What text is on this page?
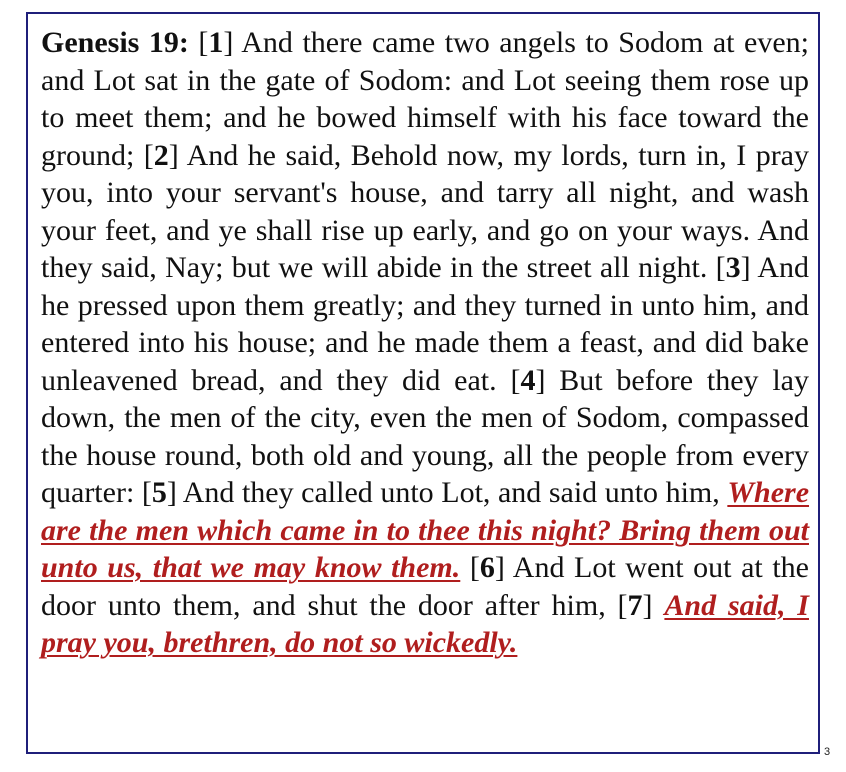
Genesis 19: [1] And there came two angels to Sodom at even; and Lot sat in the gate of Sodom: and Lot seeing them rose up to meet them; and he bowed himself with his face toward the ground; [2] And he said, Behold now, my lords, turn in, I pray you, into your servant's house, and tarry all night, and wash your feet, and ye shall rise up early, and go on your ways. And they said, Nay; but we will abide in the street all night. [3] And he pressed upon them greatly; and they turned in unto him, and entered into his house; and he made them a feast, and did bake unleavened bread, and they did eat. [4] But before they lay down, the men of the city, even the men of Sodom, compassed the house round, both old and young, all the people from every quarter: [5] And they called unto Lot, and said unto him, Where are the men which came in to thee this night? Bring them out unto us, that we may know them. [6] And Lot went out at the door unto them, and shut the door after him, [7] And said, I pray you, brethren, do not so wickedly.

3
